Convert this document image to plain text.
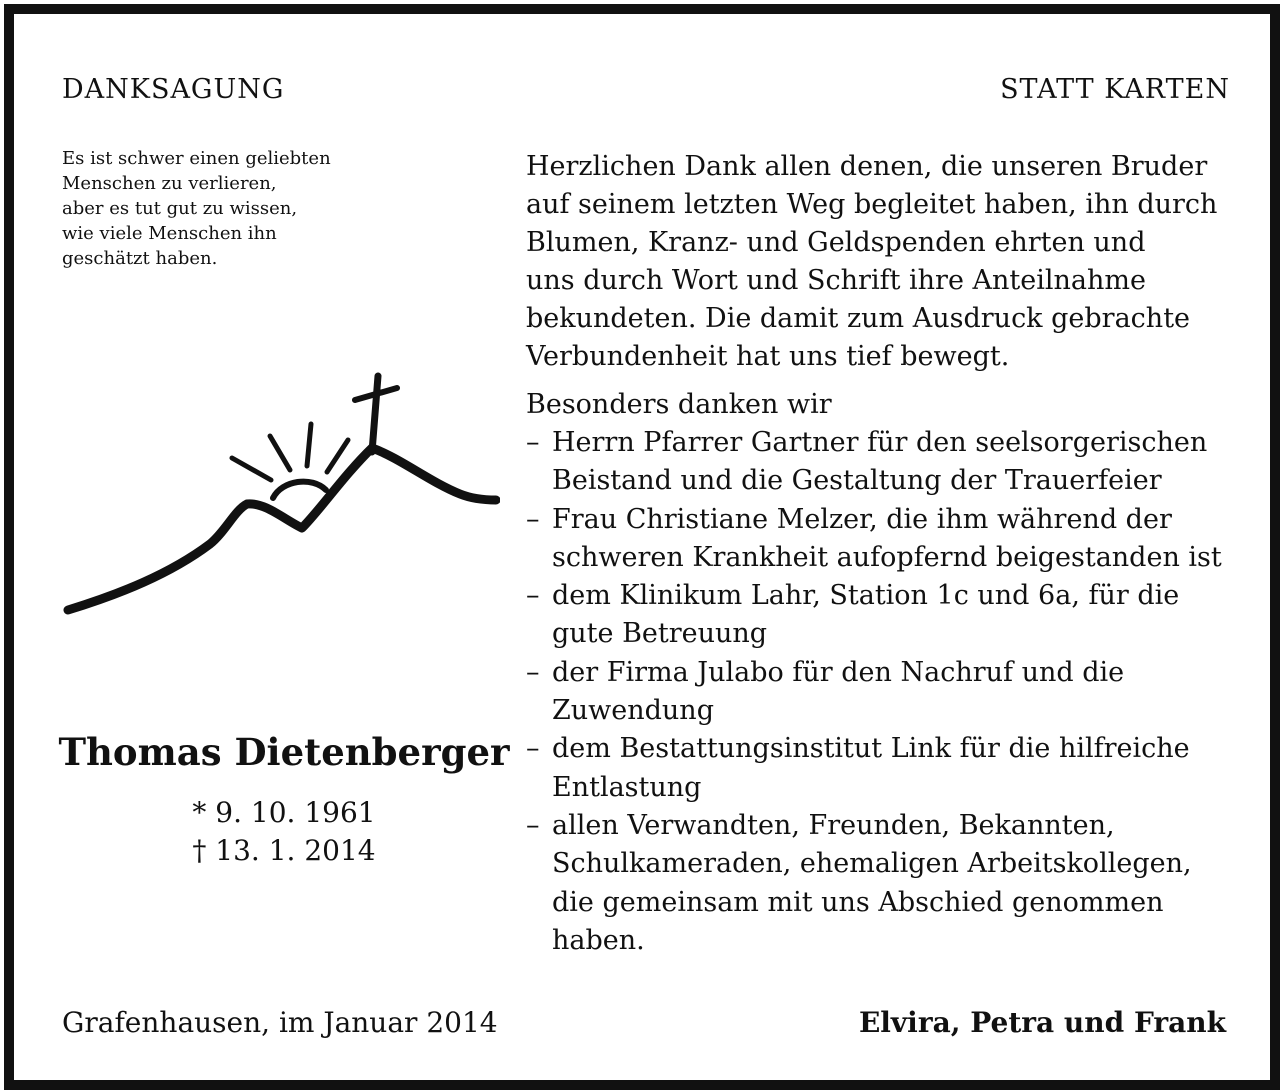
DANKSAGUNG	STATT KARTEN
Es ist schwer einen geliebten
Menschen zu verlieren,
aber es tut gut zu wissen,
wie viele Menschen ihn
geschätzt haben.
Thomas Dietenberger
* 9. 10. 1961
† 13. 1. 2014
Herzlichen Dank allen denen, die unseren Bruder
auf seinem letzten Weg begleitet haben, ihn durch
Blumen, Kranz- und Geldspenden ehrten und
uns durch Wort und Schrift ihre Anteilnahme
bekundeten. Die damit zum Ausdruck gebrachte
Verbundenheit hat uns tief bewegt.
Besonders danken wir
– Herrn Pfarrer Gartner für den seelsorgerischen
Beistand und die Gestaltung der Trauerfeier
– Frau Christiane Melzer, die ihm während der
schweren Krankheit aufopfernd beigestanden ist
– dem Klinikum Lahr, Station 1c und 6a, für die
gute Betreuung
– der Firma Julabo für den Nachruf und die
Zuwendung
– dem Bestattungsinstitut Link für die hilfreiche
Entlastung
– allen Verwandten, Freunden, Bekannten,
Schulkameraden, ehemaligen Arbeitskollegen,
die gemeinsam mit uns Abschied genommen
haben.
Grafenhausen, im Januar 2014	Elvira, Petra und Frank
